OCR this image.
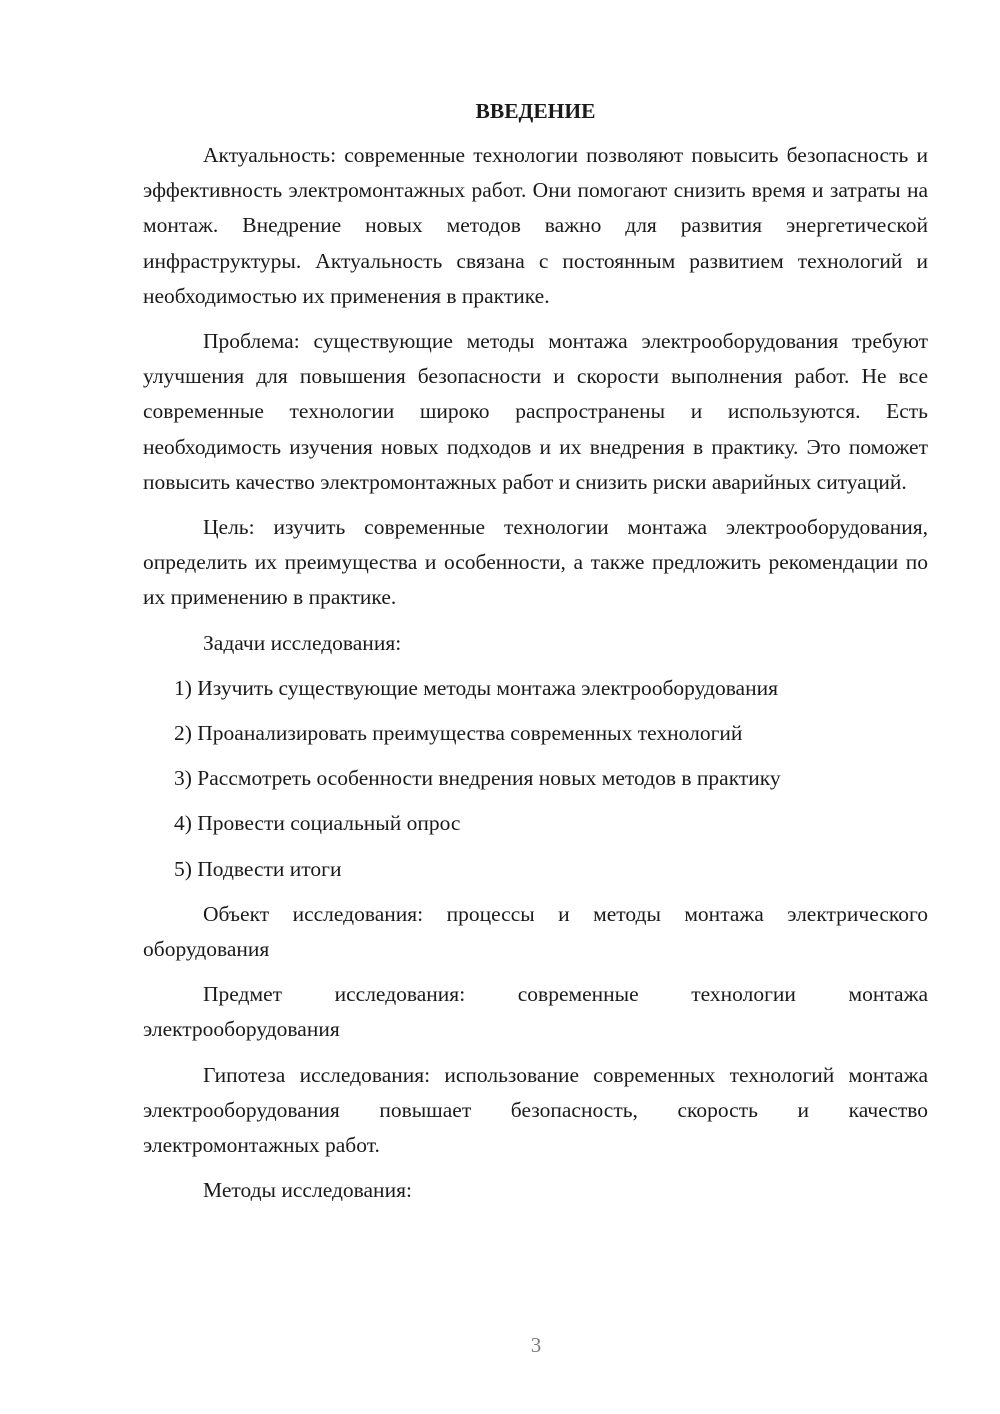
ВВЕДЕНИЕ

Актуальность: современные технологии позволяют повысить безопасность и эффективность электромонтажных работ. Они помогают снизить время и затраты на монтаж. Внедрение новых методов важно для развития энергетической инфраструктуры. Актуальность связана с постоянным развитием технологий и необходимостью их применения в практике.

Проблема: существующие методы монтажа электрооборудования требуют улучшения для повышения безопасности и скорости выполнения работ. Не все современные технологии широко распространены и используются. Есть необходимость изучения новых подходов и их внедрения в практику. Это поможет повысить качество электромонтажных работ и снизить риски аварийных ситуаций.

Цель: изучить современные технологии монтажа электрооборудования, определить их преимущества и особенности, а также предложить рекомендации по их применению в практике.

Задачи исследования:

1) Изучить существующие методы монтажа электрооборудования
2) Проанализировать преимущества современных технологий
3) Рассмотреть особенности внедрения новых методов в практику
4) Провести социальный опрос
5) Подвести итоги

Объект исследования: процессы и методы монтажа электрического оборудования

Предмет исследования: современные технологии монтажа электрооборудования

Гипотеза исследования: использование современных технологий монтажа электрооборудования повышает безопасность, скорость и качество электромонтажных работ.

Методы исследования:

3
